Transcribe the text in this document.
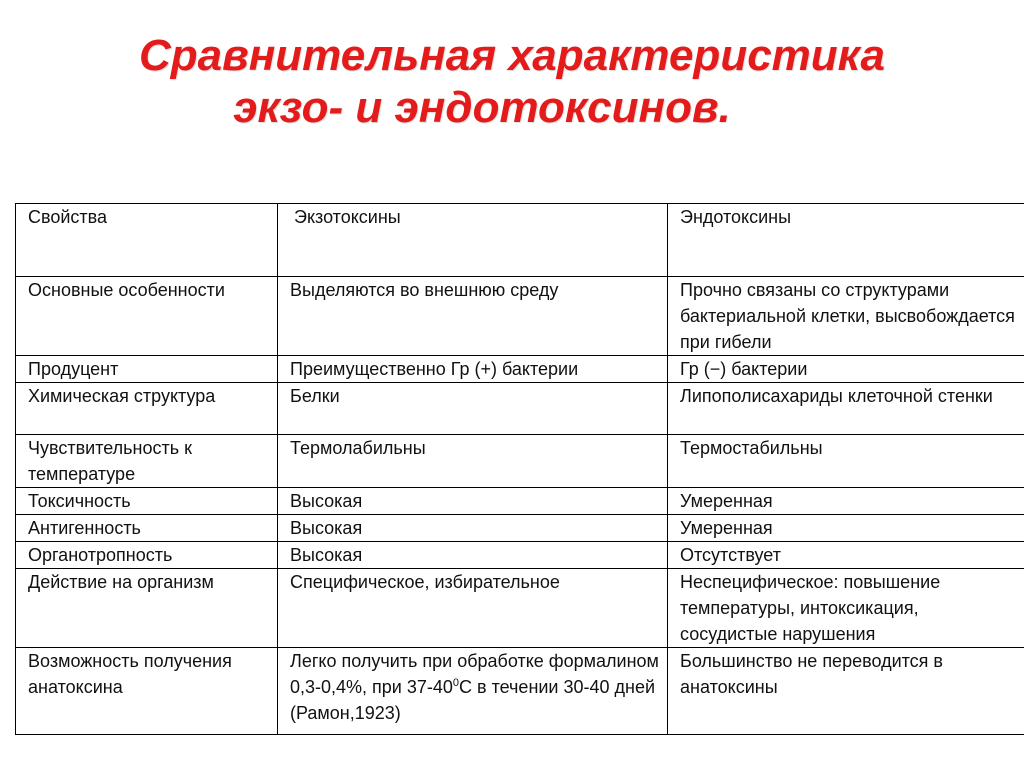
Сравнительная характеристика
экзо- и эндотоксинов.
Свойства	Экзотоксины	Эндотоксины
Основные особенности	Выделяются во внешнюю среду	Прочно связаны со структурами бактериальной клетки, высвобождается при гибели
Продуцент	Преимущественно Гр (+) бактерии	Гр (−) бактерии
Химическая структура	Белки	Липополисахариды клеточной стенки
Чувствительность к температуре	Термолабильны	Термостабильны
Токсичность	Высокая	Умеренная
Антигенность	Высокая	Умеренная
Органотропность	Высокая	Отсутствует
Действие на организм	Специфическое, избирательное	Неспецифическое: повышение температуры, интоксикация, сосудистые нарушения
Возможность получения анатоксина	Легко получить при обработке формалином 0,3-0,4%, при $37-40^0С$ в течении 30-40 дней (Рамон,1923)	Большинство не переводится в анатоксины
